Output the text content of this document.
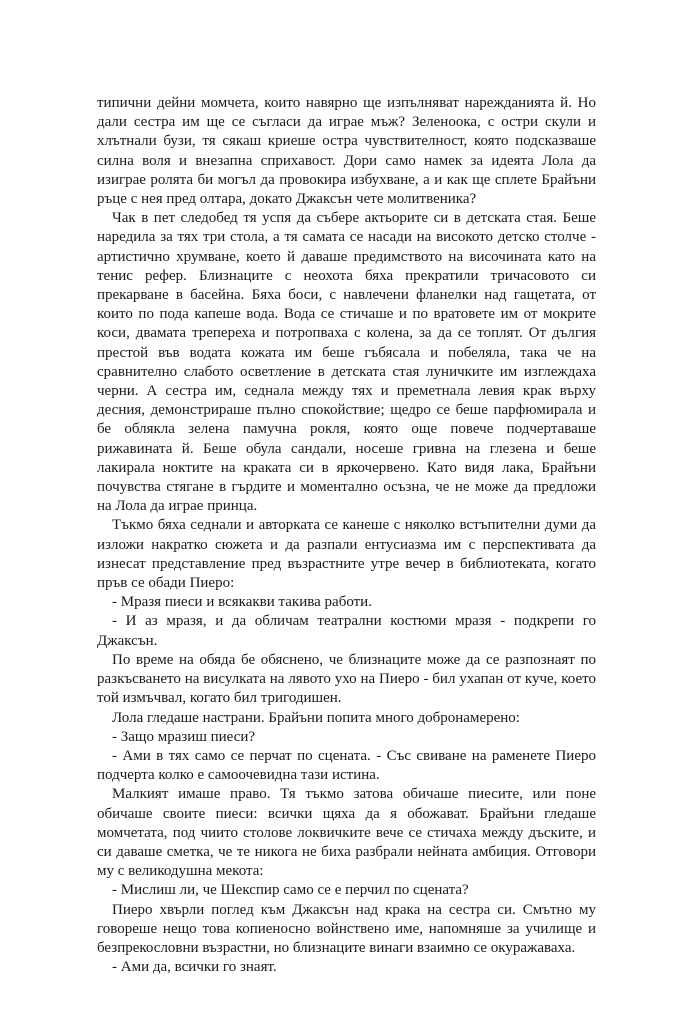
типични дейни момчета, които навярно ще изпълняват нарежданията й. Но дали сестра им ще се съгласи да играе мъж? Зеленоока, с остри скули и хлътнали бузи, тя сякаш криеше остра чувствителност, която подсказваше силна воля и внезапна сприхавост. Дори само намек за идеята Лола да изиграе ролята би могъл да провокира избухване, а и как ще сплете Брайъни ръце с нея пред олтара, докато Джаксън чете молитвеника?

Чак в пет следобед тя успя да събере актьорите си в детската стая. Беше наредила за тях три стола, а тя самата се насади на високото детско столче - артистично хрумване, което й даваше предимството на височината като на тенис рефер. Близнаците с неохота бяха прекратили тричасовото си прекарване в басейна. Бяха боси, с навлечени фланелки над гащетата, от които по пода капеше вода. Вода се стичаше и по вратовете им от мокрите коси, двамата трепереха и потропваха с колена, за да се топлят. От дългия престой във водата кожата им беше гъбясала и побеляла, така че на сравнително слабото осветление в детската стая луничките им изглеждаха черни. А сестра им, седнала между тях и преметнала левия крак върху десния, демонстрираше пълно спокойствие; щедро се беше парфюмирала и бе облякла зелена памучна рокля, която още повече подчертаваше рижавината й. Беше обула сандали, носеше гривна на глезена и беше лакирала ноктите на краката си в яркочервено. Като видя лака, Брайъни почувства стягане в гърдите и моментално осъзна, че не може да предложи на Лола да играе принца.

Тъкмо бяха седнали и авторката се канеше с няколко встъпителни думи да изложи накратко сюжета и да разпали ентусиазма им с перспективата да изнесат представление пред възрастните утре вечер в библиотеката, когато пръв се обади Пиеро:

- Мразя пиеси и всякакви такива работи.

- И аз мразя, и да обличам театрални костюми мразя - подкрепи го Джаксън.

По време на обяда бе обяснено, че близнаците може да се разпознаят по разкъсването на висулката на лявото ухо на Пиеро - бил ухапан от куче, което той измъчвал, когато бил тригодишен.

Лола гледаше настрани. Брайъни попита много добронамерено:

- Защо мразиш пиеси?

- Ами в тях само се перчат по сцената. - Със свиване на раменете Пиеро подчерта колко е самоочевидна тази истина.

Малкият имаше право. Тя тъкмо затова обичаше пиесите, или поне обичаше своите пиеси: всички щяха да я обожават. Брайъни гледаше момчетата, под чиито столове локвичките вече се стичаха между дъските, и си даваше сметка, че те никога не биха разбрали нейната амбиция. Отговори му с великодушна мекота:

- Мислиш ли, че Шекспир само се е перчил по сцената?

Пиеро хвърли поглед към Джаксън над крака на сестра си. Смътно му говореше нещо това копиеносно войнствено име, напомняше за училище и безпрекословни възрастни, но близнаците винаги взаимно се окуражаваха.

- Ами да, всички го знаят.
